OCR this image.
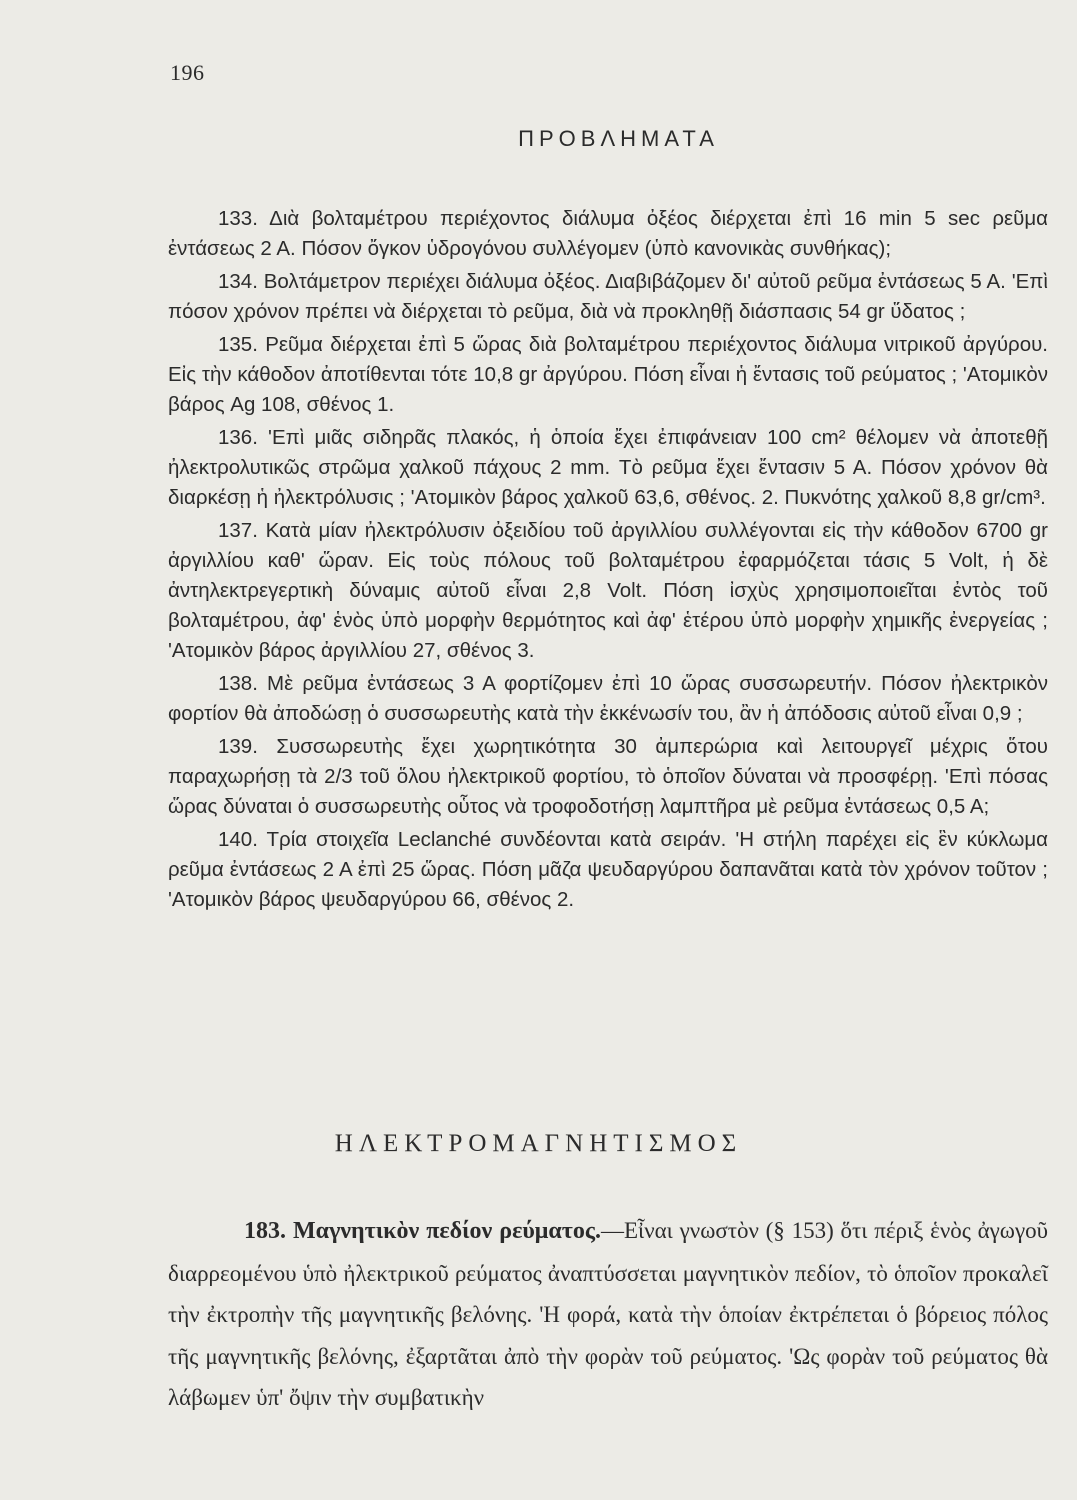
196
ΠΡΟΒΛΗΜΑΤΑ

133. Διὰ βολταμέτρου περιέχοντος διάλυμα ὀξέος διέρχεται ἐπὶ 16 min 5 sec ρεῦμα ἐντάσεως 2 Α. Πόσον ὄγκον ὑδρογόνου συλλέγομεν (ὑπὸ κανονικὰς συνθήκας);

134. Βολτάμετρον περιέχει διάλυμα ὀξέος. Διαβιβάζομεν δι' αὐτοῦ ρεῦμα ἐντάσεως 5 Α. 'Επὶ πόσον χρόνον πρέπει νὰ διέρχεται τὸ ρεῦμα, διὰ νὰ προκληθῇ διάσπασις 54 gr ὕδατος ;

135. Ρεῦμα διέρχεται ἐπὶ 5 ὥρας διὰ βολταμέτρου περιέχοντος διάλυμα νιτρικοῦ ἀργύρου. Εἰς τὴν κάθοδον ἀποτίθενται τότε 10,8 gr ἀργύρου. Πόση εἶναι ἡ ἔντασις τοῦ ρεύματος ; 'Ατομικὸν βάρος Ag 108, σθένος 1.

136. 'Επὶ μιᾶς σιδηρᾶς πλακός, ἡ ὁποία ἔχει ἐπιφάνειαν 100 cm² θέλομεν νὰ ἀποτεθῇ ἠλεκτρολυτικῶς στρῶμα χαλκοῦ πάχους 2 mm. Τὸ ρεῦμα ἔχει ἔντασιν 5 Α. Πόσον χρόνον θὰ διαρκέσῃ ἡ ἠλεκτρόλυσις ; 'Ατομικὸν βάρος χαλκοῦ 63,6, σθένος. 2. Πυκνότης χαλκοῦ 8,8 gr/cm³.

137. Κατὰ μίαν ἠλεκτρόλυσιν ὀξειδίου τοῦ ἀργιλλίου συλλέγονται εἰς τὴν κάθοδον 6700 gr ἀργιλλίου καθ' ὥραν. Εἰς τοὺς πόλους τοῦ βολταμέτρου ἐφαρμόζεται τάσις 5 Volt, ἡ δὲ ἀντηλεκτρεγερτικὴ δύναμις αὐτοῦ εἶναι 2,8 Volt. Πόση ἰσχὺς χρησιμοποιεῖται ἐντὸς τοῦ βολταμέτρου, ἀφ' ἑνὸς ὑπὸ μορφὴν θερμότητος καὶ ἀφ' ἑτέρου ὑπὸ μορφὴν χημικῆς ἐνεργείας ; 'Ατομικὸν βάρος ἀργιλλίου 27, σθένος 3.

138. Μὲ ρεῦμα ἐντάσεως 3 Α φορτίζομεν ἐπὶ 10 ὥρας συσσωρευτήν. Πόσον ἠλεκτρικὸν φορτίον θὰ ἀποδώσῃ ὁ συσσωρευτὴς κατὰ τὴν ἐκκένωσίν του, ἂν ἡ ἀπόδοσις αὐτοῦ εἶναι 0,9 ;

139. Συσσωρευτὴς ἔχει χωρητικότητα 30 ἀμπερώρια καὶ λειτουργεῖ μέχρις ὅτου παραχωρήσῃ τὰ 2/3 τοῦ ὅλου ἠλεκτρικοῦ φορτίου, τὸ ὁποῖον δύναται νὰ προσφέρῃ. 'Επὶ πόσας ὥρας δύναται ὁ συσσωρευτὴς οὗτος νὰ τροφοδοτήσῃ λαμπτῆρα μὲ ρεῦμα ἐντάσεως 0,5 Α;

140. Τρία στοιχεῖα Leclanché συνδέονται κατὰ σειράν. 'Η στήλη παρέχει εἰς ἓν κύκλωμα ρεῦμα ἐντάσεως 2 Α ἐπὶ 25 ὥρας. Πόση μᾶζα ψευδαργύρου δαπανᾶται κατὰ τὸν χρόνον τοῦτον ; 'Ατομικὸν βάρος ψευδαργύρου 66, σθένος 2.

ΗΛΕΚΤΡΟΜΑΓΝΗΤΙΣΜΟΣ

183. Μαγνητικὸν πεδίον ρεύματος.—Εἶναι γνωστὸν (§ 153) ὅτι πέριξ ἑνὸς ἀγωγοῦ διαρρεομένου ὑπὸ ἠλεκτρικοῦ ρεύματος ἀναπτύσσεται μαγνητικὸν πεδίον, τὸ ὁποῖον προκαλεῖ τὴν ἐκτροπὴν τῆς μαγνητικῆς βελόνης. 'Η φορά, κατὰ τὴν ὁποίαν ἐκτρέπεται ὁ βόρειος πόλος τῆς μαγνητικῆς βελόνης, ἐξαρτᾶται ἀπὸ τὴν φορὰν τοῦ ρεύματος. 'Ως φορὰν τοῦ ρεύματος θὰ λάβωμεν ὑπ' ὄψιν τὴν συμβατικὴν
